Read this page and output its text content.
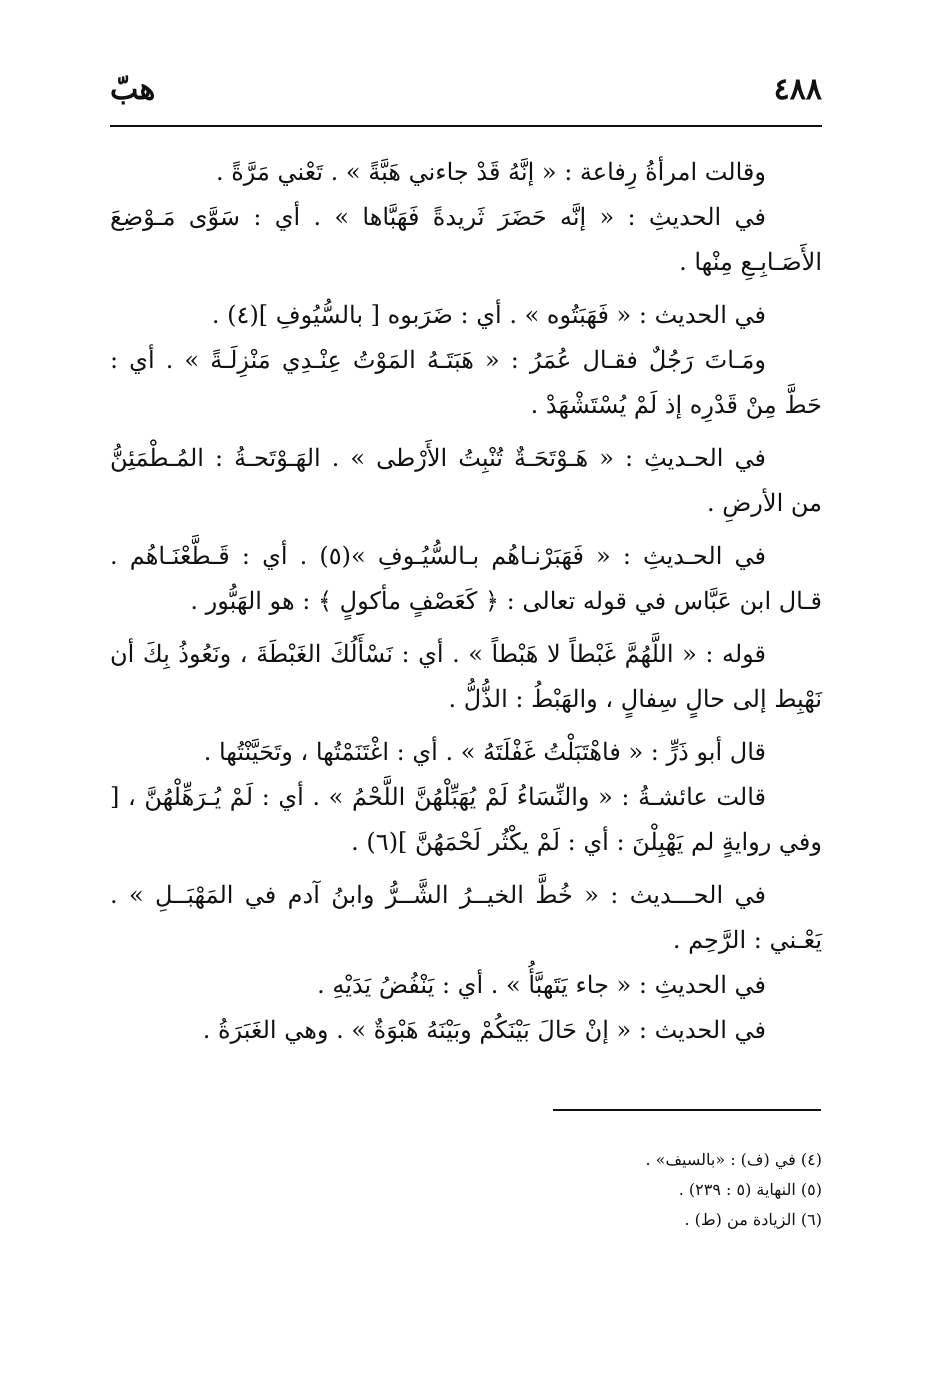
٤٨٨
هبّ

وقالت امرأةُ رِفاعة : « إنَّهُ قَدْ جاءني هَبَّةً » . تَعْني مَرَّةً .

في الحديثِ : « إنَّه حَضَرَ ثَريدةً فَهَبَّاها » . أي : سَوَّى مَـوْضِعَ الأَصَـابِـعِ مِنْها .

في الحديث : « فَهَبَتُوه » . أي : ضَرَبوه [ بالسُّيُوفِ ](٤) .

ومَـاتَ رَجُلٌ فقـال عُمَرُ : « هَبَتَـهُ المَوْتُ عِنْـدِي مَنْزِلَـةً » . أي : حَطَّ مِنْ قَدْرِه إذ لَمْ يُسْتَشْهَدْ .

في الحـديثِ : « هَـوْتَحَـةٌ تُنْبِتُ الأَرْطى » . الهَـوْتَحـةُ : المُـطْمَئِنُّ من الأرضِ .

في الحـديثِ : « فَهَبَرْنـاهُم بـالسُّيُـوفِ »(٥) . أي : قَـطَّعْنَـاهُم . قـال ابن عَبَّاس في قوله تعالى : ﴿ كَعَصْفٍ مأكولٍ ﴾ : هو الهَبُّور .

قوله : « اللَّهُمَّ غَبْطاً لا هَبْطاً » . أي : نَسْأَلُكَ الغَبْطَةَ ، ونَعُوذُ بِكَ أن نَهْبِط إلى حالٍ سِفالٍ ، والهَبْطُ : الذُّلُّ .

قال أبو ذَرٍّ : « فاهْتَبَلْتُ غَفْلَتَهُ » . أي : اغْتَنَمْتُها ، وتَحَيَّنْتُها .

قالت عائشـةُ : « والنِّسَاءُ لَمْ يُهَبِّلْهُنَّ اللَّحْمُ » . أي : لَمْ يُـرَهِّلْهُنَّ ، [ وفي روايةٍ لم يَهْبِلْنَ : أي : لَمْ يكْثُر لَحْمَهُنَّ ](٦) .

في الحـــديث : « خُطَّ الخيــرُ الشَّــرُّ وابنُ آدم في المَهْبَــلِ » . يَعْـني : الرَّحِم .

في الحديثِ : « جاء يَتَهبَّأُ » . أي : يَنْفُضُ يَدَيْهِ .

في الحديث : « إنْ حَالَ بَيْنَكُمْ وبَيْنَهُ هَبْوَةٌ » . وهي الغَبَرَةُ .

(٤) في (ف) : «بالسيف» .

(٥) النهاية (٥ : ٢٣٩) .

(٦) الزيادة من (ط) .
